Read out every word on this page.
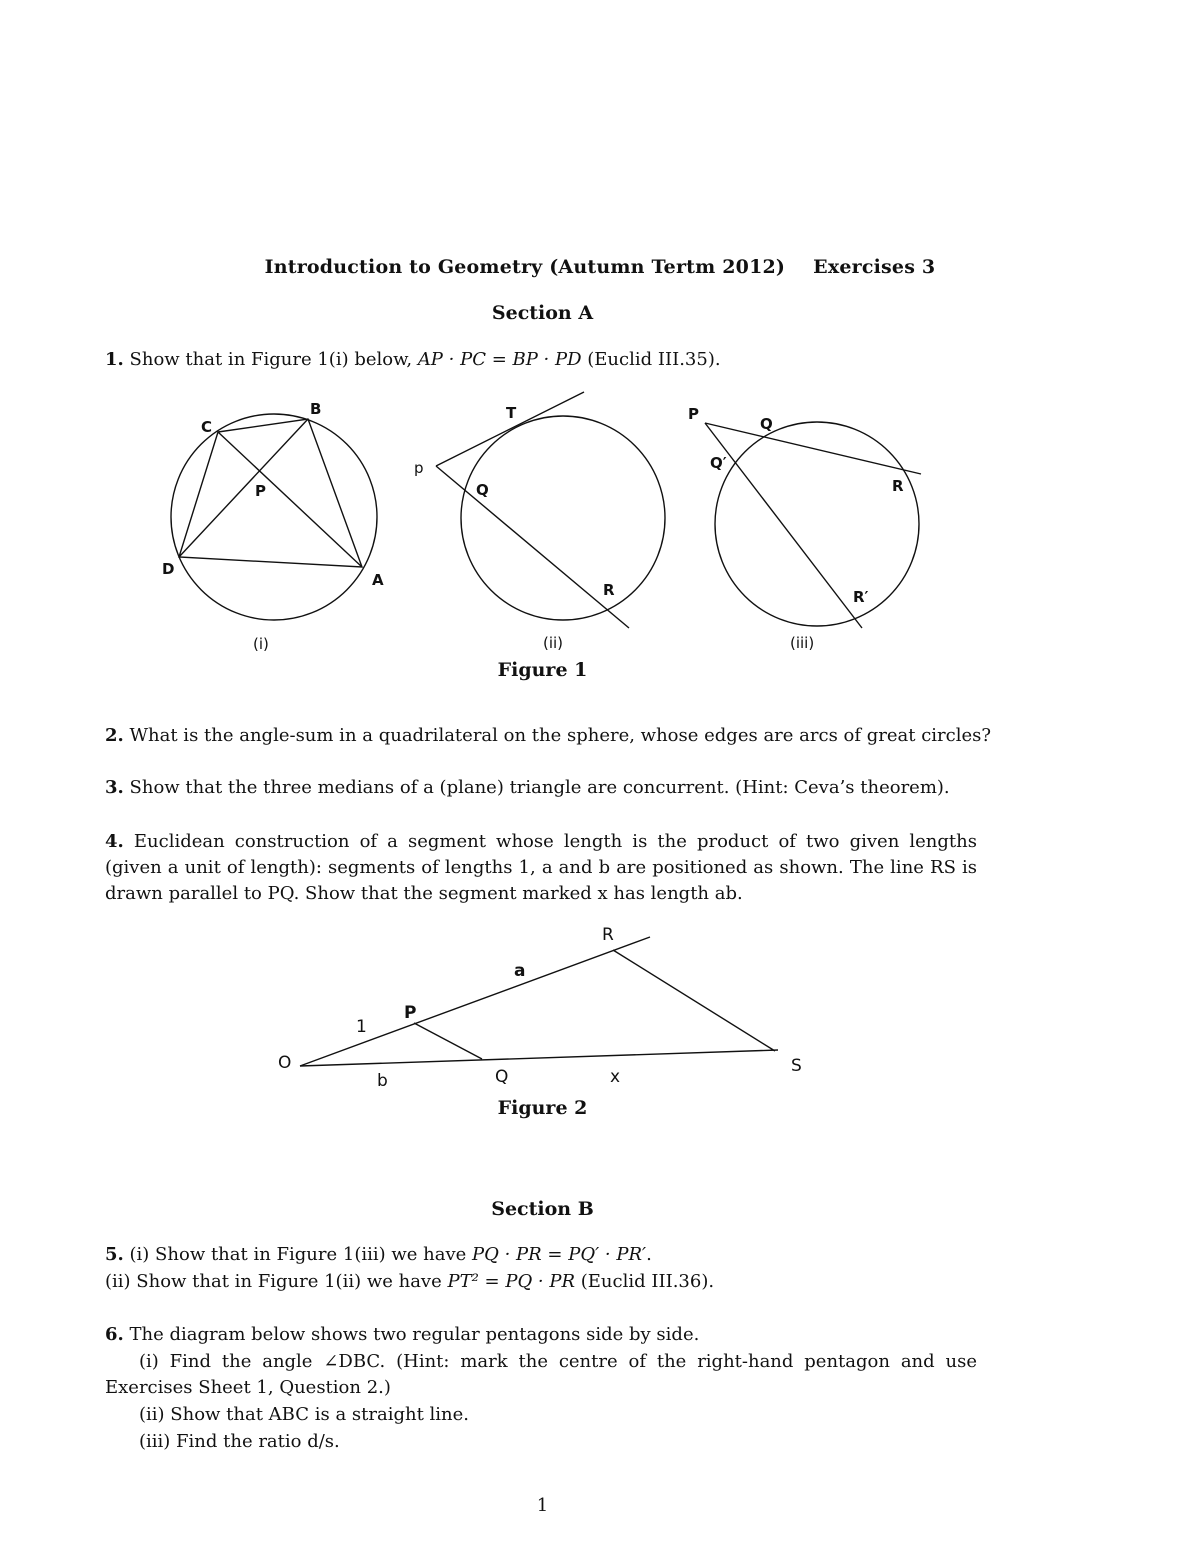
Introduction to Geometry (Autumn Tertm 2012) Exercises 3
Section A
1. Show that in Figure 1(i) below, AP · PC = BP · PD (Euclid III.35).
C
B
P
D
A
T
p
Q
R
P
Q
Q′
R
R′
(i)	(ii)	(iii)
Figure 1
2. What is the angle-sum in a quadrilateral on the sphere, whose edges are arcs of great circles?
3. Show that the three medians of a (plane) triangle are concurrent. (Hint: Ceva’s theorem).
4. Euclidean construction of a segment whose length is the product of two given lengths (given a unit of length): segments of lengths 1, a and b are positioned as shown. The line RS is drawn parallel to PQ. Show that the segment marked x has length ab.
R
a
P
1
O
b	Q	x
S
Figure 2
Section B
5. (i) Show that in Figure 1(iii) we have PQ · PR = PQ′ · PR′.
(ii) Show that in Figure 1(ii) we have PT² = PQ · PR (Euclid III.36).
6. The diagram below shows two regular pentagons side by side.
(i) Find the angle ∠DBC. (Hint: mark the centre of the right-hand pentagon and use Exercises Sheet 1, Question 2.)
(ii) Show that ABC is a straight line.
(iii) Find the ratio d/s.
1
